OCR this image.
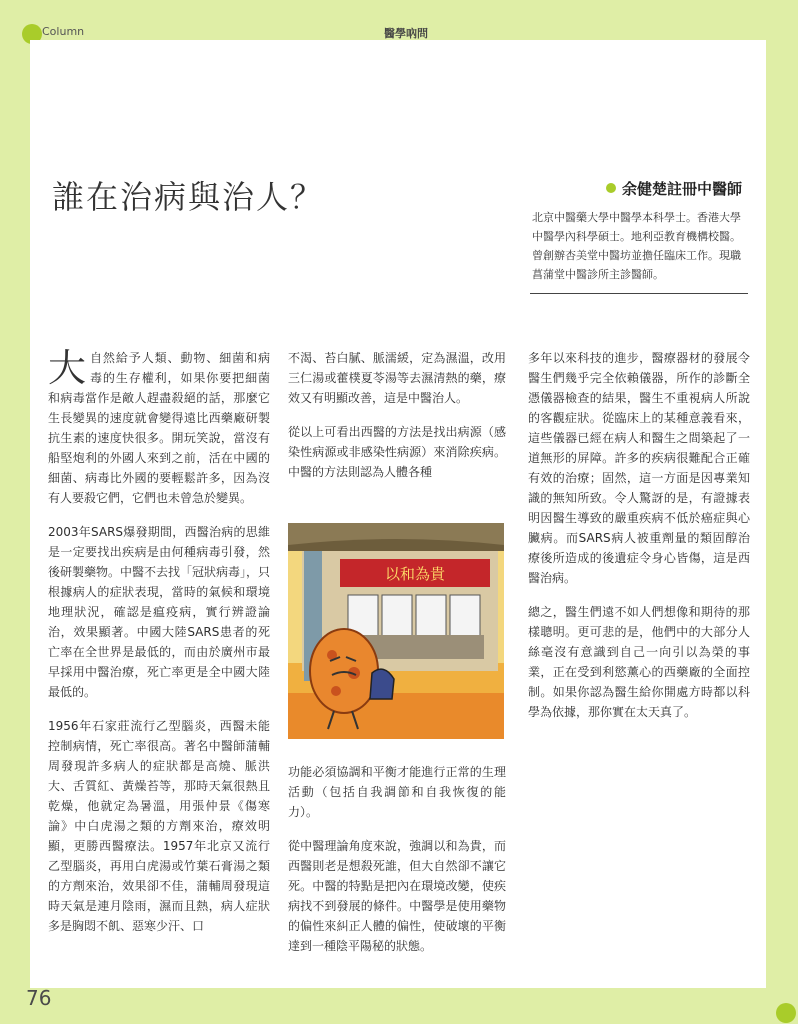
Column	醫學吶問
誰在治病與治人？	余健楚註冊中醫師
北京中醫藥大學中醫學本科學士。香港大學中醫學內科學碩士。地利亞教育機構校醫。曾創辦杏美堂中醫坊並擔任臨床工作。現職菖蒲堂中醫診所主診醫師。

大自然給予人類、動物、細菌和病毒的生存權利，如果你要把細菌和病毒當作是敵人趕盡殺絕的話，那麼它生長變異的速度就會變得遠比西藥廠研製抗生素的速度快很多。開玩笑說，當沒有船堅炮利的外國人來到之前，活在中國的細菌、病毒比外國的要輕鬆許多，因為沒有人要殺它們，它們也未曾急於變異。

2003年SARS爆發期間，西醫治病的思維是一定要找出疾病是由何種病毒引發，然後研製藥物。中醫不去找「冠狀病毒」，只根據病人的症狀表現，當時的氣候和環境地理狀況，確認是瘟疫病，實行辨證論治，效果顯著。中國大陸SARS患者的死亡率在全世界是最低的，而由於廣州市最早採用中醫治療，死亡率更是全中國大陸最低的。

1956年石家莊流行乙型腦炎，西醫未能控制病情，死亡率很高。著名中醫師蒲輔周發現許多病人的症狀都是高燒、脈洪大、舌質紅、黃燥苔等，那時天氣很熱且乾燥，他就定為暑溫，用張仲景《傷寒論》中白虎湯之類的方劑來治，療效明顯，更勝西醫療法。1957年北京又流行乙型腦炎，再用白虎湯或竹葉石膏湯之類的方劑來治，效果卻不佳，蒲輔周發現這時天氣是連月陰雨，濕而且熱，病人症狀多是胸悶不飢、惡寒少汗、口

不渴、苔白膩、脈濡緩，定為濕溫，改用三仁湯或藿樸夏苓湯等去濕清熱的藥，療效又有明顯改善，這是中醫治人。

從以上可看出西醫的方法是找出病源（感染性病源或非感染性病源）來消除疾病。中醫的方法則認為人體各種

以和為貴

功能必須協調和平衡才能進行正常的生理活動（包括自我調節和自我恢復的能力）。

從中醫理論角度來說，強調以和為貴，而西醫則老是想殺死誰，但大自然卻不讓它死。中醫的特點是把內在環境改變，使疾病找不到發展的條件。中醫學是使用藥物的偏性來糾正人體的偏性，使破壞的平衡達到一種陰平陽秘的狀態。

多年以來科技的進步，醫療器材的發展令醫生們幾乎完全依賴儀器，所作的診斷全憑儀器檢查的結果，醫生不重視病人所說的客觀症狀。從臨床上的某種意義看來，這些儀器已經在病人和醫生之間築起了一道無形的屏障。許多的疾病很難配合正確有效的治療；固然，這一方面是因專業知識的無知所致。令人驚訝的是，有證據表明因醫生導致的嚴重疾病不低於癌症與心臟病。而SARS病人被重劑量的類固醇治療後所造成的後遺症令身心皆傷，這是西醫治病。

總之，醫生們遠不如人們想像和期待的那樣聰明。更可悲的是，他們中的大部分人絲毫沒有意識到自己一向引以為榮的事業，正在受到利慾薰心的西藥廠的全面控制。如果你認為醫生給你開處方時都以科學為依據，那你實在太天真了。

76
